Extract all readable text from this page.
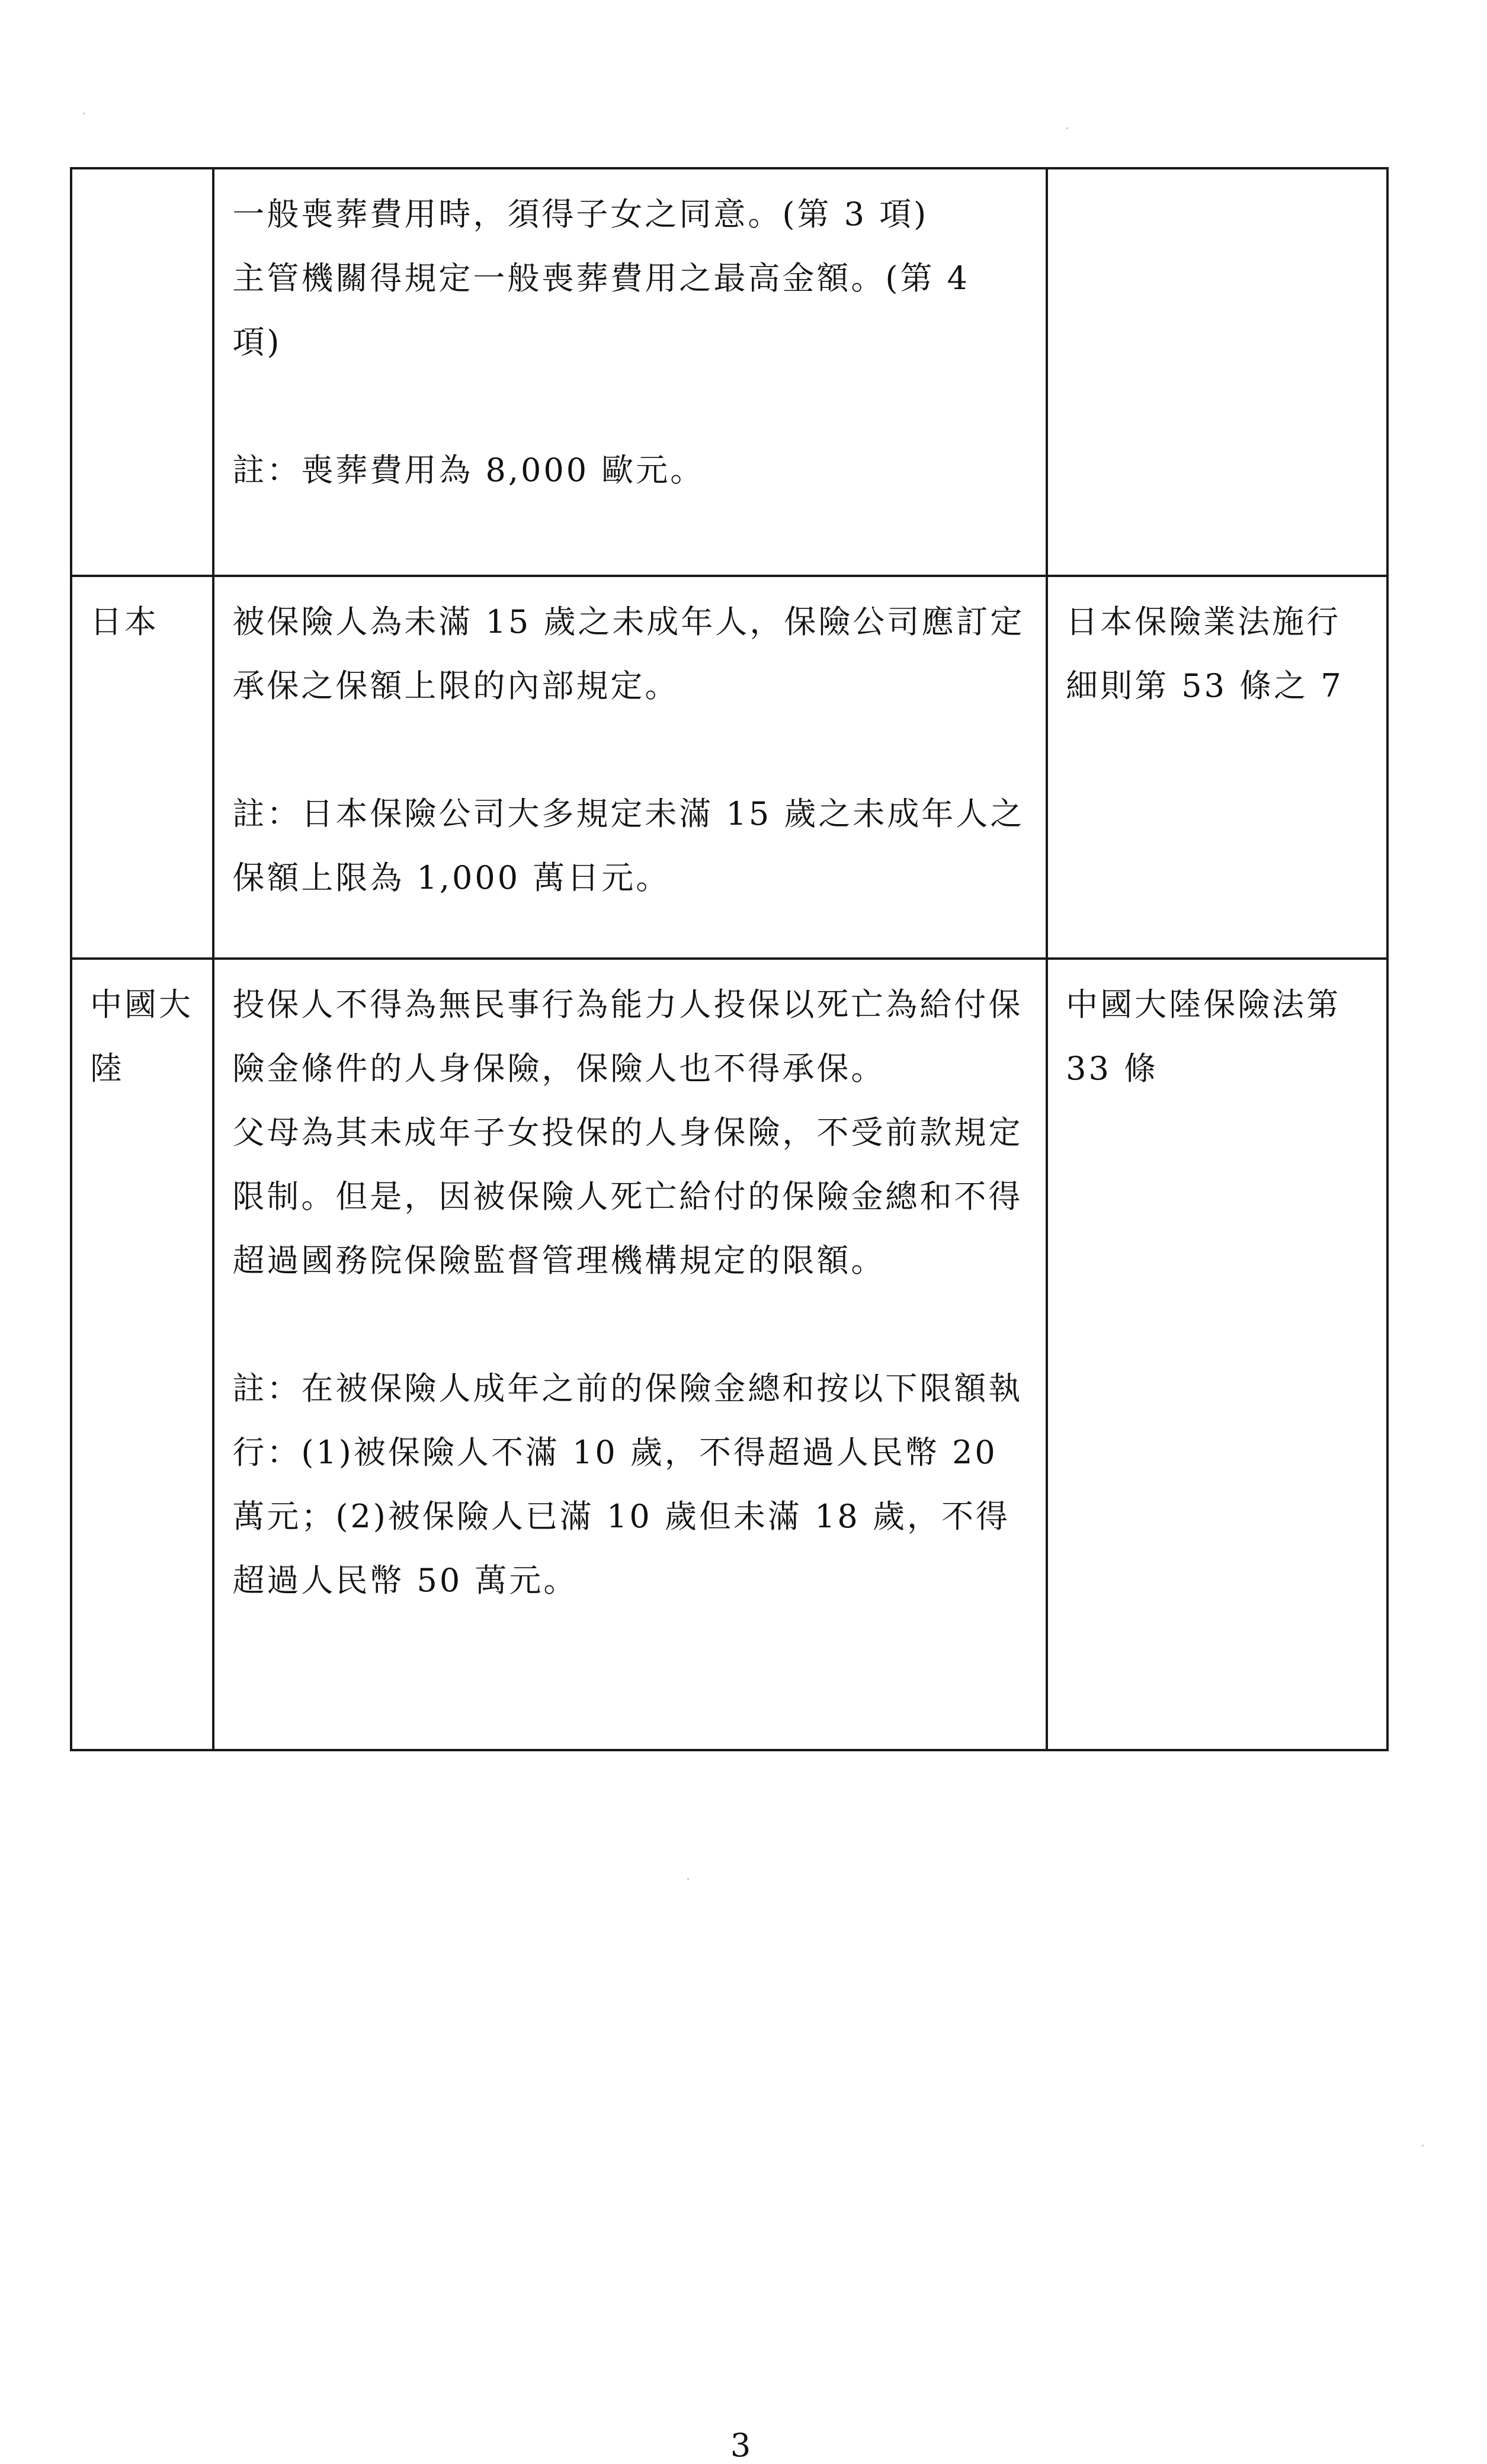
	一般喪葬費用時，須得子女之同意。(第 3 項)
主管機關得規定一般喪葬費用之最高金額。(第 4 項)
註：喪葬費用為 8,000 歐元。	

日本	被保險人為未滿 15 歲之未成年人，保險公司應訂定承保之保額上限的內部規定。
註：日本保險公司大多規定未滿 15 歲之未成年人之保額上限為 1,000 萬日元。	日本保險業法施行細則第 53 條之 7
中國大陸	投保人不得為無民事行為能力人投保以死亡為給付保險金條件的人身保險，保險人也不得承保。
父母為其未成年子女投保的人身保險，不受前款規定限制。但是，因被保險人死亡給付的保險金總和不得超過國務院保險監督管理機構規定的限額。
註：在被保險人成年之前的保險金總和按以下限額執行：(1)被保險人不滿 10 歲，不得超過人民幣 20 萬元；(2)被保險人已滿 10 歲但未滿 18 歲，不得超過人民幣 50 萬元。	中國大陸保險法第 33 條
3
